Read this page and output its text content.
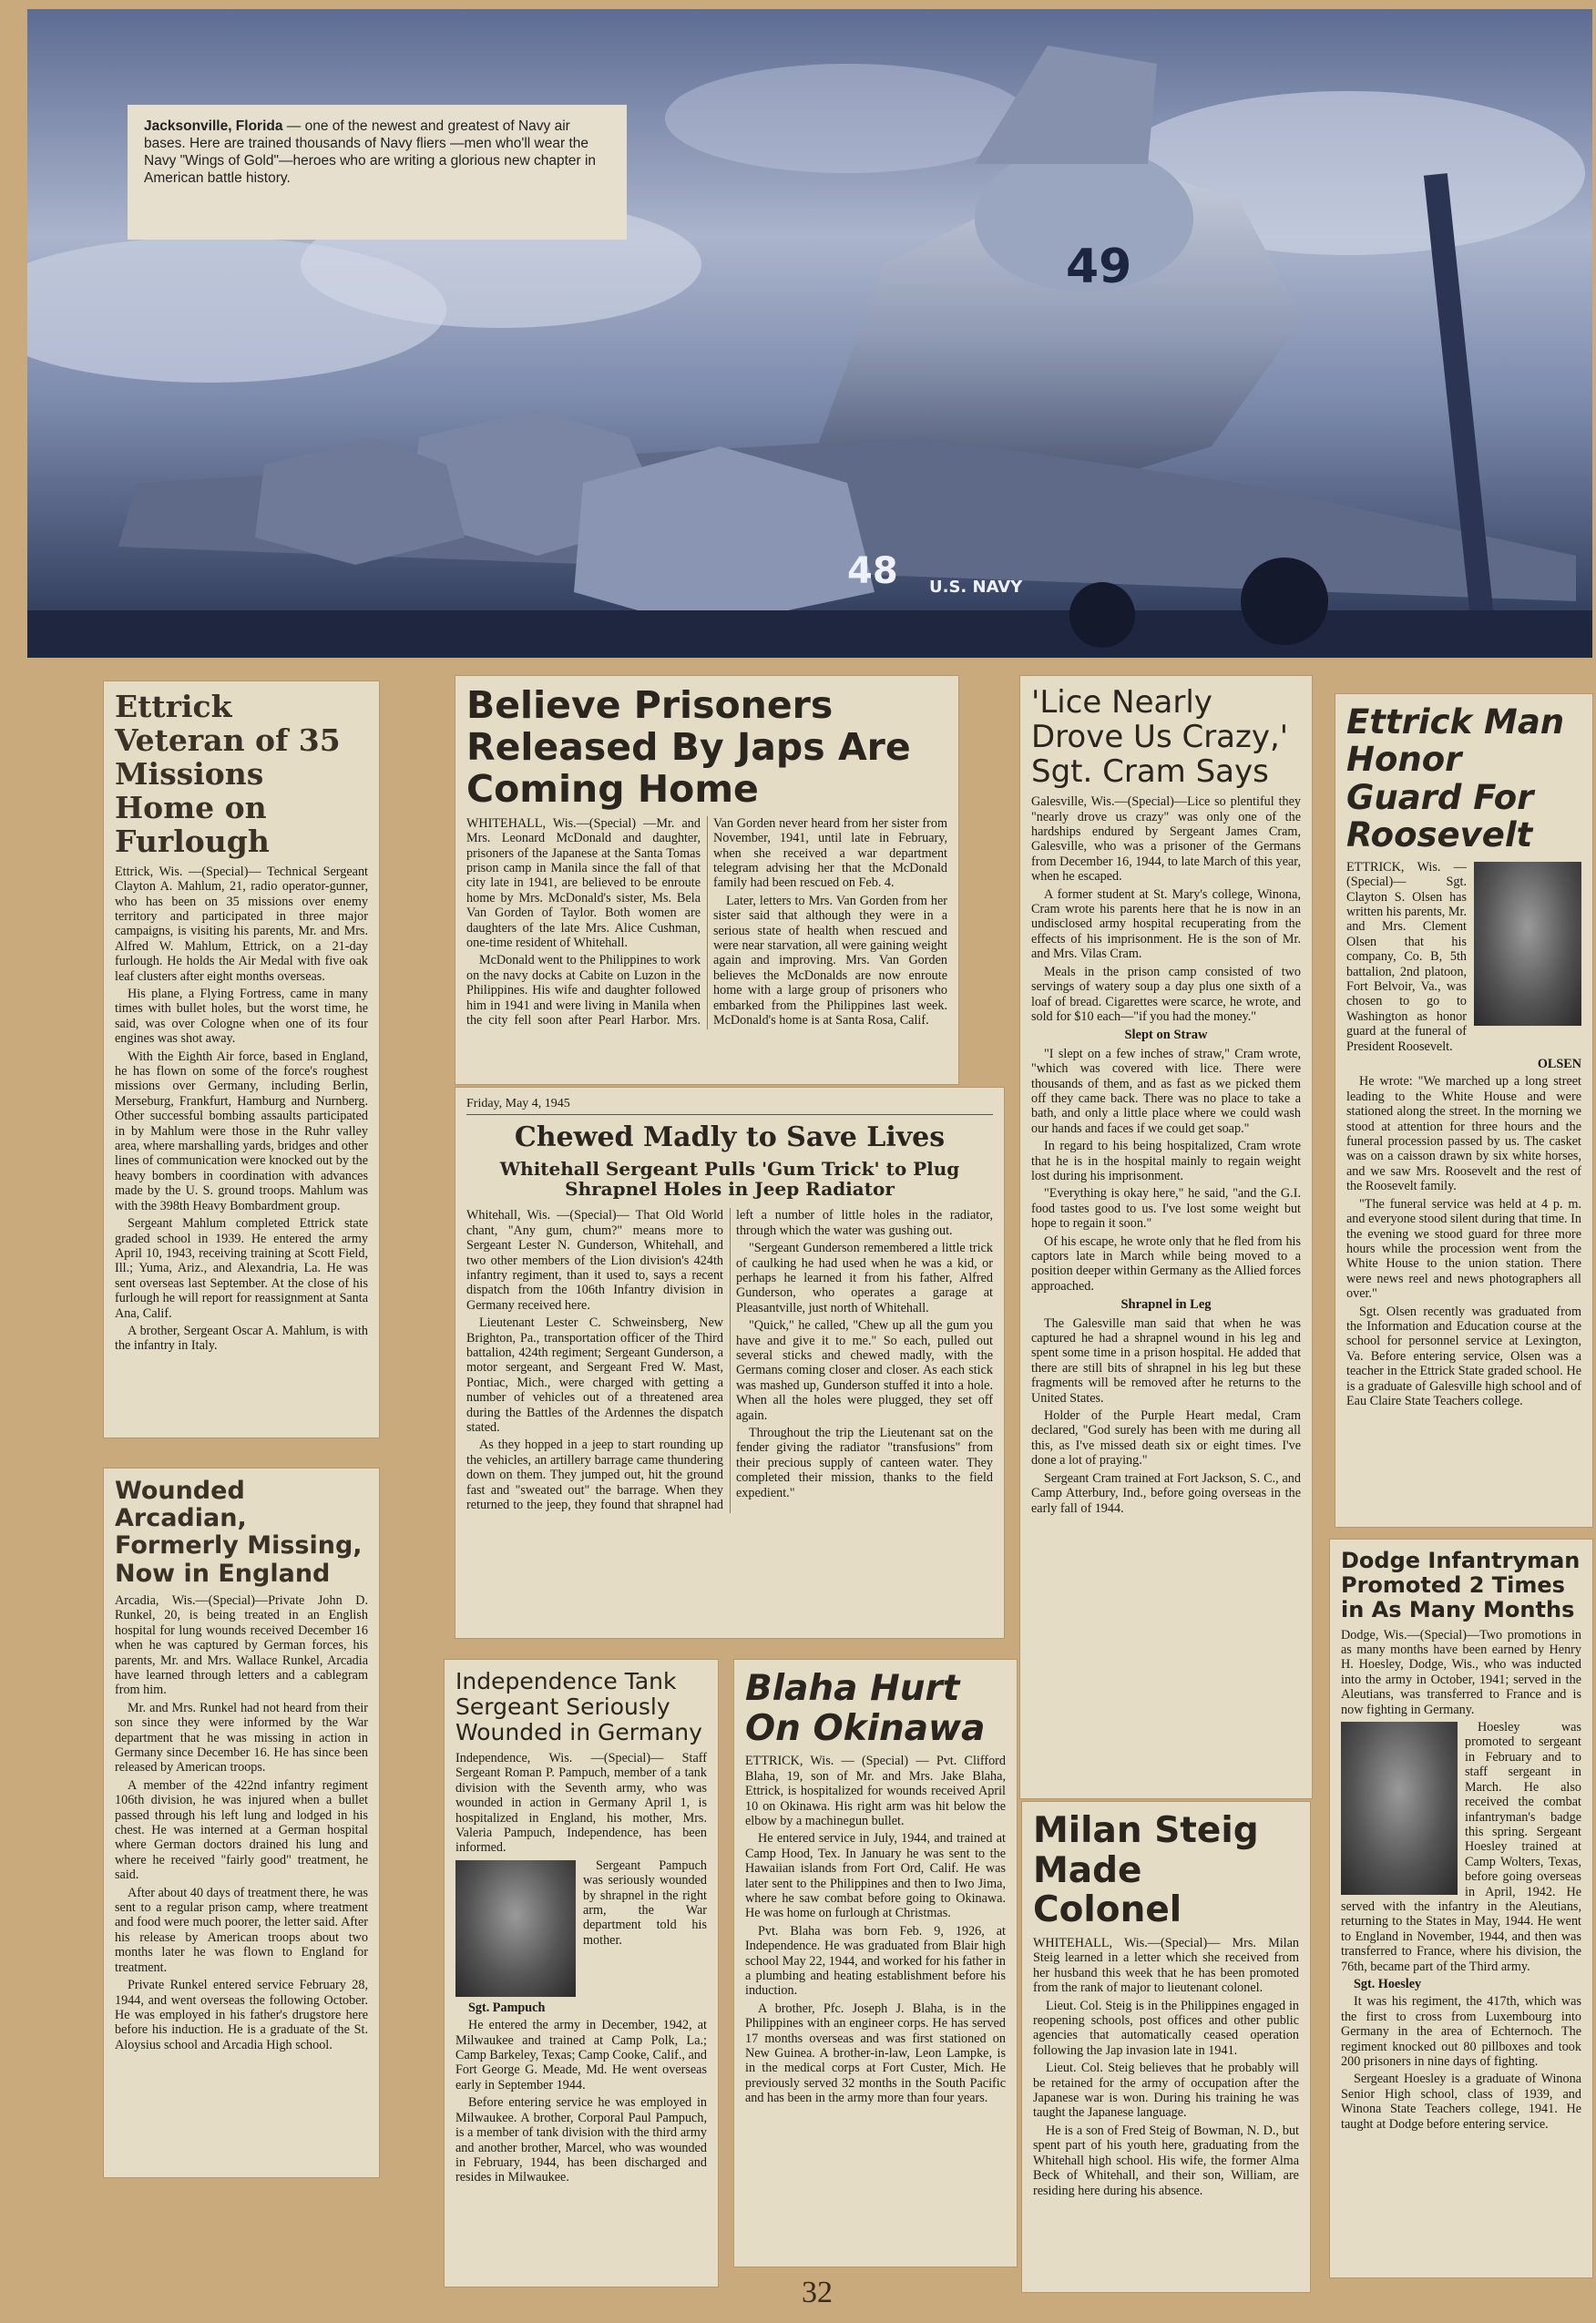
49
48 U.S. NAVY
Jacksonville, Florida — one of the newest and greatest of Navy air bases. Here are trained thousands of Navy fliers —men who'll wear the Navy "Wings of Gold"—heroes who are writing a glorious new chapter in American battle history.
Ettrick Veteran of 35 Missions Home on Furlough

Ettrick, Wis. —(Special)— Technical Sergeant Clayton A. Mahlum, 21, radio operator-gunner, who has been on 35 missions over enemy territory and participated in three major campaigns, is visiting his parents, Mr. and Mrs. Alfred W. Mahlum, Ettrick, on a 21-day furlough. He holds the Air Medal with five oak leaf clusters after eight months overseas.

His plane, a Flying Fortress, came in many times with bullet holes, but the worst time, he said, was over Cologne when one of its four engines was shot away.

With the Eighth Air force, based in England, he has flown on some of the force's roughest missions over Germany, including Berlin, Merseburg, Frankfurt, Hamburg and Nurnberg. Other successful bombing assaults participated in by Mahlum were those in the Ruhr valley area, where marshalling yards, bridges and other lines of communication were knocked out by the heavy bombers in coordination with advances made by the U. S. ground troops. Mahlum was with the 398th Heavy Bombardment group.

Sergeant Mahlum completed Ettrick state graded school in 1939. He entered the army April 10, 1943, receiving training at Scott Field, Ill.; Yuma, Ariz., and Alexandria, La. He was sent overseas last September. At the close of his furlough he will report for reassignment at Santa Ana, Calif.

A brother, Sergeant Oscar A. Mahlum, is with the infantry in Italy.

Wounded Arcadian, Formerly Missing, Now in England

Arcadia, Wis.—(Special)—Private John D. Runkel, 20, is being treated in an English hospital for lung wounds received December 16 when he was captured by German forces, his parents, Mr. and Mrs. Wallace Runkel, Arcadia have learned through letters and a cablegram from him.

Mr. and Mrs. Runkel had not heard from their son since they were informed by the War department that he was missing in action in Germany since December 16. He has since been released by American troops.

A member of the 422nd infantry regiment 106th division, he was injured when a bullet passed through his left lung and lodged in his chest. He was interned at a German hospital where German doctors drained his lung and where he received "fairly good" treatment, he said.

After about 40 days of treatment there, he was sent to a regular prison camp, where treatment and food were much poorer, the letter said. After his release by American troops about two months later he was flown to England for treatment.

Private Runkel entered service February 28, 1944, and went overseas the following October. He was employed in his father's drugstore here before his induction. He is a graduate of the St. Aloysius school and Arcadia High school.

Believe Prisoners Released By Japs Are Coming Home

WHITEHALL, Wis.—(Special) —Mr. and Mrs. Leonard McDonald and daughter, prisoners of the Japanese at the Santa Tomas prison camp in Manila since the fall of that city late in 1941, are believed to be enroute home by Mrs. McDonald's sister, Ms. Bela Van Gorden of Taylor. Both women are daughters of the late Mrs. Alice Cushman, one-time resident of Whitehall.

McDonald went to the Philippines to work on the navy docks at Cabite on Luzon in the Philippines. His wife and daughter followed him in 1941 and were living in Manila when the city fell soon after Pearl Harbor. Mrs. Van Gorden never heard from her sister from November, 1941, until late in February, when she received a war department telegram advising her that the McDonald family had been rescued on Feb. 4.

Later, letters to Mrs. Van Gorden from her sister said that although they were in a serious state of health when rescued and were near starvation, all were gaining weight again and improving. Mrs. Van Gorden believes the McDonalds are now enroute home with a large group of prisoners who embarked from the Philippines last week. McDonald's home is at Santa Rosa, Calif.

Friday, May 4, 1945
Chewed Madly to Save Lives
Whitehall Sergeant Pulls 'Gum Trick' to Plug Shrapnel Holes in Jeep Radiator

Whitehall, Wis. —(Special)— That Old World chant, "Any gum, chum?" means more to Sergeant Lester N. Gunderson, Whitehall, and two other members of the Lion division's 424th infantry regiment, than it used to, says a recent dispatch from the 106th Infantry division in Germany received here.

Lieutenant Lester C. Schweinsberg, New Brighton, Pa., transportation officer of the Third battalion, 424th regiment; Sergeant Gunderson, a motor sergeant, and Sergeant Fred W. Mast, Pontiac, Mich., were charged with getting a number of vehicles out of a threatened area during the Battles of the Ardennes the dispatch stated.

As they hopped in a jeep to start rounding up the vehicles, an artillery barrage came thundering down on them. They jumped out, hit the ground fast and "sweated out" the barrage. When they returned to the jeep, they found that shrapnel had left a number of little holes in the radiator, through which the water was gushing out.

"Sergeant Gunderson remembered a little trick of caulking he had used when he was a kid, or perhaps he learned it from his father, Alfred Gunderson, who operates a garage at Pleasantville, just north of Whitehall.

"Quick," he called, "Chew up all the gum you have and give it to me." So each, pulled out several sticks and chewed madly, with the Germans coming closer and closer. As each stick was mashed up, Gunderson stuffed it into a hole. When all the holes were plugged, they set off again.

Throughout the trip the Lieutenant sat on the fender giving the radiator "transfusions" from their precious supply of canteen water. They completed their mission, thanks to the field expedient."

Independence Tank Sergeant Seriously Wounded in Germany

Independence, Wis. —(Special)— Staff Sergeant Roman P. Pampuch, member of a tank division with the Seventh army, who was wounded in action in Germany April 1, is hospitalized in England, his mother, Mrs. Valeria Pampuch, Independence, has been informed.

Sergeant Pampuch was seriously wounded by shrapnel in the right arm, the War department told his mother.

Sgt. Pampuch

He entered the army in December, 1942, at Milwaukee and trained at Camp Polk, La.; Camp Barkeley, Texas; Camp Cooke, Calif., and Fort George G. Meade, Md. He went overseas early in September 1944.

Before entering service he was employed in Milwaukee. A brother, Corporal Paul Pampuch, is a member of tank division with the third army and another brother, Marcel, who was wounded in February, 1944, has been discharged and resides in Milwaukee.

Blaha Hurt On Okinawa

ETTRICK, Wis. — (Special) — Pvt. Clifford Blaha, 19, son of Mr. and Mrs. Jake Blaha, Ettrick, is hospitalized for wounds received April 10 on Okinawa. His right arm was hit below the elbow by a machinegun bullet.

He entered service in July, 1944, and trained at Camp Hood, Tex. In January he was sent to the Hawaiian islands from Fort Ord, Calif. He was later sent to the Philippines and then to Iwo Jima, where he saw combat before going to Okinawa. He was home on furlough at Christmas.

Pvt. Blaha was born Feb. 9, 1926, at Independence. He was graduated from Blair high school May 22, 1944, and worked for his father in a plumbing and heating establishment before his induction.

A brother, Pfc. Joseph J. Blaha, is in the Philippines with an engineer corps. He has served 17 months overseas and was first stationed on New Guinea. A brother-in-law, Leon Lampke, is in the medical corps at Fort Custer, Mich. He previously served 32 months in the South Pacific and has been in the army more than four years.

'Lice Nearly Drove Us Crazy,' Sgt. Cram Says

Galesville, Wis.—(Special)—Lice so plentiful they "nearly drove us crazy" was only one of the hardships endured by Sergeant James Cram, Galesville, who was a prisoner of the Germans from December 16, 1944, to late March of this year, when he escaped.

A former student at St. Mary's college, Winona, Cram wrote his parents here that he is now in an undisclosed army hospital recuperating from the effects of his imprisonment. He is the son of Mr. and Mrs. Vilas Cram.

Meals in the prison camp consisted of two servings of watery soup a day plus one sixth of a loaf of bread. Cigarettes were scarce, he wrote, and sold for $10 each—"if you had the money."

Slept on Straw

"I slept on a few inches of straw," Cram wrote, "which was covered with lice. There were thousands of them, and as fast as we picked them off they came back. There was no place to take a bath, and only a little place where we could wash our hands and faces if we could get soap."

In regard to his being hospitalized, Cram wrote that he is in the hospital mainly to regain weight lost during his imprisonment.

"Everything is okay here," he said, "and the G.I. food tastes good to us. I've lost some weight but hope to regain it soon."

Of his escape, he wrote only that he fled from his captors late in March while being moved to a position deeper within Germany as the Allied forces approached.

Shrapnel in Leg

The Galesville man said that when he was captured he had a shrapnel wound in his leg and spent some time in a prison hospital. He added that there are still bits of shrapnel in his leg but these fragments will be removed after he returns to the United States.

Holder of the Purple Heart medal, Cram declared, "God surely has been with me during all this, as I've missed death six or eight times. I've done a lot of praying."

Sergeant Cram trained at Fort Jackson, S. C., and Camp Atterbury, Ind., before going overseas in the early fall of 1944.

Milan Steig Made Colonel

WHITEHALL, Wis.—(Special)— Mrs. Milan Steig learned in a letter which she received from her husband this week that he has been promoted from the rank of major to lieutenant colonel.

Lieut. Col. Steig is in the Philippines engaged in reopening schools, post offices and other public agencies that automatically ceased operation following the Jap invasion late in 1941.

Lieut. Col. Steig believes that he probably will be retained for the army of occupation after the Japanese war is won. During his training he was taught the Japanese language.

He is a son of Fred Steig of Bowman, N. D., but spent part of his youth here, graduating from the Whitehall high school. His wife, the former Alma Beck of Whitehall, and their son, William, are residing here during his absence.

Ettrick Man Honor Guard For Roosevelt

ETTRICK, Wis. —(Special)— Sgt. Clayton S. Olsen has written his parents, Mr. and Mrs. Clement Olsen that his company, Co. B, 5th battalion, 2nd platoon, Fort Belvoir, Va., was chosen to go to Washington as honor guard at the funeral of President Roosevelt.

OLSEN

He wrote: "We marched up a long street leading to the White House and were stationed along the street. In the morning we stood at attention for three hours and the funeral procession passed by us. The casket was on a caisson drawn by six white horses, and we saw Mrs. Roosevelt and the rest of the Roosevelt family.

"The funeral service was held at 4 p. m. and everyone stood silent during that time. In the evening we stood guard for three more hours while the procession went from the White House to the union station. There were news reel and news photographers all over."

Sgt. Olsen recently was graduated from the Information and Education course at the school for personnel service at Lexington, Va. Before entering service, Olsen was a teacher in the Ettrick State graded school. He is a graduate of Galesville high school and of Eau Claire State Teachers college.

Dodge Infantryman Promoted 2 Times in As Many Months

Dodge, Wis.—(Special)—Two promotions in as many months have been earned by Henry H. Hoesley, Dodge, Wis., who was inducted into the army in October, 1941; served in the Aleutians, was transferred to France and is now fighting in Germany.

Hoesley was promoted to sergeant in February and to staff sergeant in March. He also received the combat infantryman's badge this spring. Sergeant Hoesley trained at Camp Wolters, Texas, before going overseas in April, 1942. He served with the infantry in the Aleutians, returning to the States in May, 1944. He went to England in November, 1944, and then was transferred to France, where his division, the 76th, became part of the Third army.

Sgt. Hoesley

It was his regiment, the 417th, which was the first to cross from Luxembourg into Germany in the area of Echternoch. The regiment knocked out 80 pillboxes and took 200 prisoners in nine days of fighting.

Sergeant Hoesley is a graduate of Winona Senior High school, class of 1939, and Winona State Teachers college, 1941. He taught at Dodge before entering service.

32
